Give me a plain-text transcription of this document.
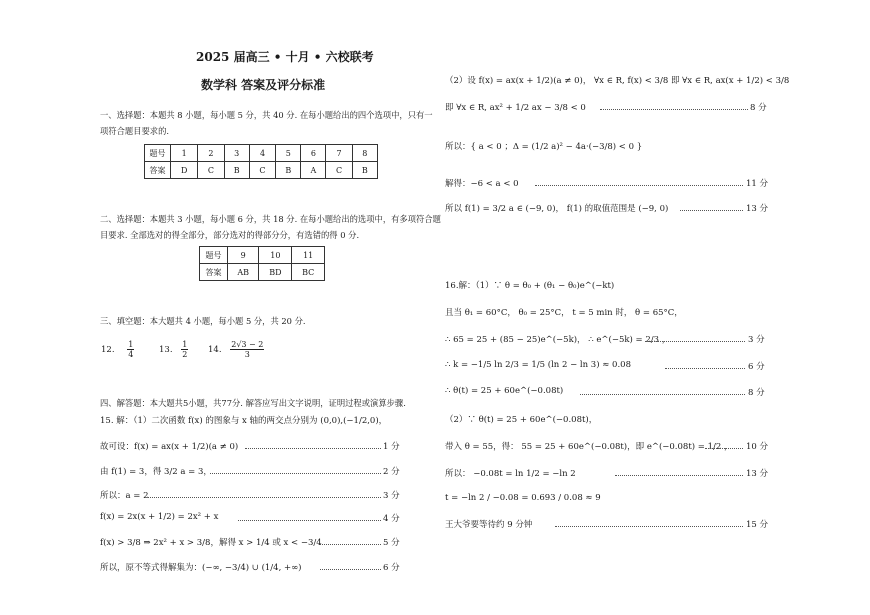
2025 届高三 • 十月 • 六校联考
数学科 答案及评分标准
一、选择题：本题共 8 小题，每小题 5 分，共 40 分. 在每小题给出的四个选项中，只有一
项符合题目要求的.
题号	1	2	3	4	5	6	7	8
答案	D	C	B	C	B	A	C	B
二、选择题：本题共 3 小题，每小题 6 分，共 18 分. 在每小题给出的选项中，有多项符合题
目要求. 全部选对的得全部分，部分选对的得部分分，有选错的得 0 分.
题号	9	10	11
答案	AB	BD	BC
三、填空题：本大题共 4 小题，每小题 5 分，共 20 分.
12. $\frac{1}{4}$	13. $\frac{1}{2} 14$. $\frac{2√3 - 2}{3}$
四、解答题：本大题共5小题，共77分. 解答应写出文字说明，证明过程或演算步骤.
15. 解：（1）二次函数 f(x) 的图象与 x 轴的两交点分别为 (0,0),(−1/2,0)，
故可设：f(x) = ax(x + 1/2)(a ≠ 0)	1 分
由 f(1) = 3，得 3/2 a = 3，	2 分
所以：a = 2	3 分
f(x) = 2x(x + 1/2) = 2x² + x	4 分
f(x) > 3/8 ⇒ 2x² + x > 3/8，解得 x > 1/4 或 x < −3/4	5 分
所以，原不等式得解集为：(−∞, −3/4) ∪ (1/4, +∞)	6 分
（2）设 f(x) = ax(x + 1/2)(a ≠ 0)， ∀x ∈ R, f(x) < 3/8 即 ∀x ∈ R, ax(x + 1/2) < 3/8
即 ∀x ∈ R, ax² + 1/2 ax − 3/8 < 0	8 分
所以：{ a < 0 ；Δ = (1/2 a)² − 4a·(−3/8) < 0 }
解得：−6 < a < 0	11 分
所以 f(1) = 3/2 a ∈ (−9, 0)， f(1) 的取值范围是 (−9, 0)	13 分
16.解：（1）∵ θ = θ₀ + (θ₁ − θ₀)e^(−kt)
且当 θ₁ = 60°C， θ₀ = 25°C， t = 5 min 时， θ = 65°C，
∴ 65 = 25 + (85 − 25)e^(−5k)， ∴ e^(−5k) = 2/3 ，	3 分
∴ k = −1/5 ln 2/3 = 1/5 (ln 2 − ln 3) ≈ 0.08	6 分
∴ θ(t) = 25 + 60e^(−0.08t)	8 分
（2）∵ θ(t) = 25 + 60e^(−0.08t)，
带入 θ = 55，得： 55 = 25 + 60e^(−0.08t)，即 e^(−0.08t) = 1/2 ， 10 分
所以： −0.08t = ln 1/2 = −ln 2	13 分
t = −ln 2 / −0.08 = 0.693 / 0.08 ≈ 9
王大爷要等待约 9 分钟	15 分
